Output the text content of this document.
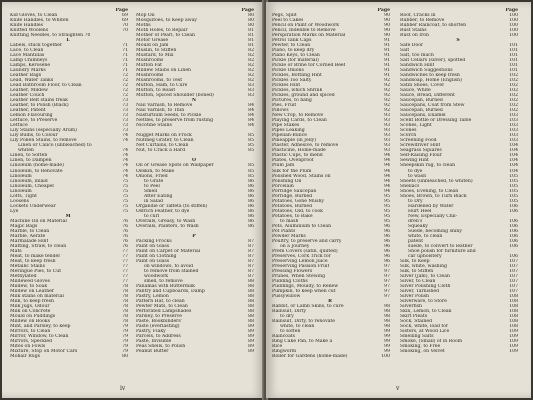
Page
Kid Gloves, to Clean	69
Knife Handles, to Whiten	69
Knife Handles	70
Knitted Woolens	70
Knitting Needles, to Straighten 70
L
Labels, stuck together	71
Lace, to Clean	71
Lace Mantillas	71
Lamp Chimneys	71
Lamps, Kerosene	71
Laundry Marks	71
Leather Bags	72
Lead, Water Tanks	72
Lead Bathroom Floor, to Clean	72
Leather, Mildew	72
Leather Couch	72
Leather Belt stains freak	73
Leather, to Polish (Black)	73
Leather, Patent	73
Lemon Flavouring	73
Lettuce, to Preserve	73
Lettuce	73
Lily Stains (especially Arum)	73
Lily Bulbs, to Colour	74
Lily Pollen Stains, to remove	74
Linen or Calico (unbleached) to
whiten	74
Linen, to Soften	74
Linen, to Dampen	74
Linoleum (home-made)	74
Linoleum, to Renovate	74
Linoleum	74
Linoleum, inlaid	75
Linoleum, Cheaper	75
Linoleum	75
Lofts, Tight	75
Loosens	75
Lockets Underwear	75
Lye	75
M
Machine Oil on Material	76
Magic Bags	76
Marble, to Clean	76
Marble, Aerate	76
Marmalade Hint	76
Matting, Straw, to clean	76
Mats	77
Meat, to make tender	77
Meat, to keep fresh	77
Metallic Stains	77
Meringue Pies, to Cut	77
Methylated	77
Mildewed Gloves	77
Mildew, to Soak	78
Mildew on Leather	78
Milk stains on material	78
Milk, to keep fresh	78
Milk Jugs, Odour	78
Milk on Concrete	78
Mould on Puddings	78
Mildew on Books	78
Mint, and Parsley, to keep	79
Mirrors, to Clean	79
Mirror, Window, to Clean	79
Mirrors, Speckled	79
Mites on Fowls	79
Mixture, Stop on Motor Cars	79
Mohair Rugs	80
Page
Mop Oil	80
Mosquitoes, to Keep away	80
Moths	80
Moth Holes, to Repair	81
Mother of Pearl, to Clean	81
Motor Grease	81
Mould on Jam	81
Muslin, to Stiffen	82
Mustard, to Mix	82
Mushrooms	82
Mutton Fat	82
Mildew Stains on Linen	82
Mushrooms	82
Mushrooms, to Test	82
Mutton, Ham, to Cure	83
Mutton, to Roast	83
Mutton, Spiced Shoulder (boned)	83
N
Nail Varnish, to Remove	84
Nail Varnish, to Thin	84
Nasturtium Seeds, to Pickle	84
Nettles, to preserve from rusting	84
Nicotine Stains	84
Nugget Marks on Frock	85
Nutmeg Grater, to Clean	85
Net Curtains, to Clean	85
Nut, to Crack a Hard	85
O
Oil or Grease Spots on Wallpaper	85
Oilskin, to Make	85
Onions, Fried	85
to Grate	86
to Peel	86
Smell	86
After Eating	86
in Salad	86
Organdie or Taffeta (to stiffen)	86
Ostrich Feather, to dye	86
to curl	86
Overalls, Greasy, to Wash	86
Overalls, Painters, to Wash	86
P
Packing Frocks	87
Paint on Glass	87
Paint on Carpet or Material	87
Paint on Clothing	87
Paint on Glass	87
on windows, to avoid	87
to remove from stained	87
woodwork	87
smell, to remove	88
Panamas with Buttermilk	88
Pantry and Cupboards, Damp	88
Pastry, Lemon	88
Pattern Hat, to clean	88
Pewter Mats, to Clean	88
Perforated Lampshades	88
Parsley, to Preserve	88
Paste, Bookbinders'	88
Paste (everlasting)	89
Pastry, Flaky	89
Parcels, to Address	89
Paste, Invisible	89
Peas Shells, to Polish	89
Peanut Butter	89
iv
Page
Pegs, Split	90
Peel to Cakes	90
Pencil on Paint or Woodwork	90
Pencil, Indelible to Remove	90
Perspiration Marks on Material	90
Petrol Tank Caps	91
Pewter, to Clean	91
Piano, to keep dry	91
Piano Keys, to Clean	91
Pickle (for material)	91
Pickle or Brine for Corned Beef	91
Pickle Onions	91
Pickles, Bottling Hint	91
Pickles Too Salty	92
Pickles Hint	92
Pickles, which Shrink	92
Pickles, ground and spiced	92
Pictures, to hang	92
Pies, Fruit	92
Pillows	92
New Crop, to Remove	93
Playing Cards, to Clean	93
Pipe Stakes	93
Pipes Leaking	93
Pipelian-Bunce	93
Pineapple (in Jelly)	93
Plaster, Adhesive, to remove	93
Plasticine, Home-made	93
Plastic Cups, to mend	94
Plates, Ovenproof	94
Plum Jam	94
Silk for the Plum	94
Polished Wood, Stains on	94
Polishing Oil	94
Porcelain	94
Porridge Saucepan	94
Porridge, Burned	95
Potatoes, Gone Mushy	95
Potatoes, Burned	95
Potatoes, Old, to cook	95
Potatoes, to Bake	95
to mash	95
Pots, Aluminium to Clean	96
Pot Plants	96
Powder Marks	96
Poultry, to preserve and carry	96
on a Journey	96
Prem Covers (satin, quilted)	96
Preserves, Cork Trick for	96
Preserving Lemon Juice	96
Preserving Passion Fruit	97
Pressing Flowers	97
Prunes, When Stewing	97
Pudding Cloths	97
Puddings, Mouldy, to Renew	97
Pumpkin, to keep when cut	97
Pussywillow	97
R
Rabbit, or Lamb Skins, to cure	98
Rainsuit, Dirty	98
to dry	98
Rainsuit, Dirty, to renovate	98
white, to clean	98
to soften	99
Raincoats	99
Ring Cake Pan, to Make a	99
Rice	99
Ringworm	99
Roller for Gardens (home-made)	100
Page
Roof, Cracks in	100
Rubber, to Remove	100
Rubber Raincoat, to shorten	100
Rust Stains	100
Rust on Iron	100
S
Safe Door	101
Salt	101
Salt, too much	101
Salt Cellars (silver), spotted	101
Sandwich Hint	101
Sandwich Suggestions	101
Sandwiches to keep fresh	102
Sandsoap, Home (English)	102
Satin Shoes, Cover	102
Sauce, White	102
Sauce, Bread, Different	102
Saucepan, Burned	102
Saucepans, Coat from Stew	102
Saucepan, Burned	102
Saucepans, Enamel	103
Scent Bottle or Dressing Table	103
Scones, Light	103
Scones	103
Scorch	103
Screening Food	103
Screwdriver Hint	104
Seagrass Squares	104
Self-Raising Flour	104
Sewing Hint	104
Sheepskin rug, to clean	104
to dye	104
to wash	105
Sheets (unbleached, to whiten)	105
Shellacs	105
Shoes, Evening, to Clean	105
Shoes, Brown, to Turn Black	105
to Dry	105
Hardened by Water	106
Hurt Heel	106
New, Especially Chil-
dren's	106
Squeaky	106
Suede, becoming shiny	106
white, to clean	106
patent	106
suede, to convert to leather	106
Shoe polish for furniture and
car upholstery	106
Silk, to Keep	107
Silk, white, washing	107
Silk, to Stiffen	107
Silver (Jam), to Clean	107
Silver, to Clean	107
Silver Polishing Cloth	107
Silver, Tarnished	107
Silver Polish	108
Silverware, to Store	108
Silverfish	108
Skin, Lemon, to Clean	108
Skirt Pleats	108
Sock, Stained	108
Sock, white, load for	108
Sisters, at Wood Lice	109
Smelling Salts	109
Smoke, (Small) of in Room	109
Smoking, to Free	109
Smoking, on Velvet	109
v
